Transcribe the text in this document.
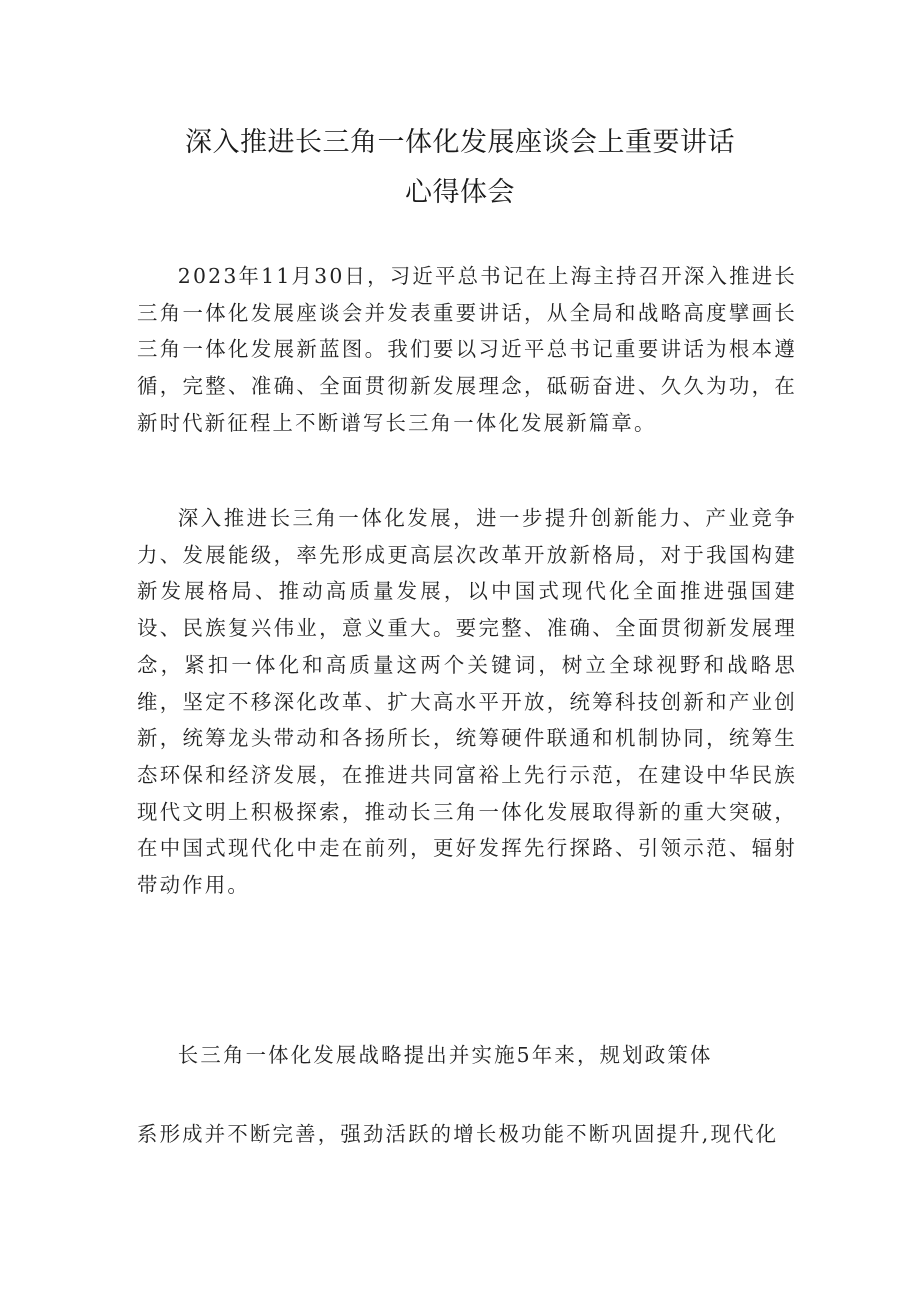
深入推进长三角一体化发展座谈会上重要讲话
心得体会

2023年11月30日，习近平总书记在上海主持召开深入推进长三角一体化发展座谈会并发表重要讲话，从全局和战略高度擘画长三角一体化发展新蓝图。我们要以习近平总书记重要讲话为根本遵循，完整、准确、全面贯彻新发展理念，砥砺奋进、久久为功，在新时代新征程上不断谱写长三角一体化发展新篇章。

深入推进长三角一体化发展，进一步提升创新能力、产业竞争力、发展能级，率先形成更高层次改革开放新格局，对于我国构建新发展格局、推动高质量发展，以中国式现代化全面推进强国建设、民族复兴伟业，意义重大。要完整、准确、全面贯彻新发展理念，紧扣一体化和高质量这两个关键词，树立全球视野和战略思维，坚定不移深化改革、扩大高水平开放，统筹科技创新和产业创新，统筹龙头带动和各扬所长，统筹硬件联通和机制协同，统筹生态环保和经济发展，在推进共同富裕上先行示范，在建设中华民族现代文明上积极探索，推动长三角一体化发展取得新的重大突破，在中国式现代化中走在前列，更好发挥先行探路、引领示范、辐射带动作用。

长三角一体化发展战略提出并实施5年来，规划政策体

系形成并不断完善，强劲活跃的增长极功能不断巩固提升,现代化
